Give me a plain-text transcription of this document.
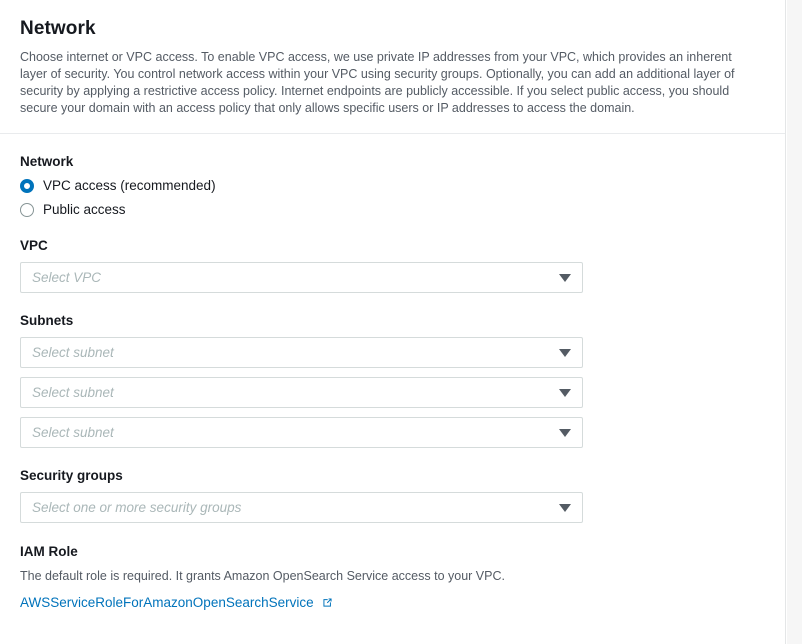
Network

Choose internet or VPC access. To enable VPC access, we use private IP addresses from your VPC, which provides an inherent layer of security. You control network access within your VPC using security groups. Optionally, you can add an additional layer of security by applying a restrictive access policy. Internet endpoints are publicly accessible. If you select public access, you should secure your domain with an access policy that only allows specific users or IP addresses to access the domain.

Network
VPC access (recommended)
Public access
VPC
Select VPC
Subnets
Select subnet
Select subnet
Select subnet
Security groups
Select one or more security groups
IAM Role

The default role is required. It grants Amazon OpenSearch Service access to your VPC.

AWSServiceRoleForAmazonOpenSearchService
